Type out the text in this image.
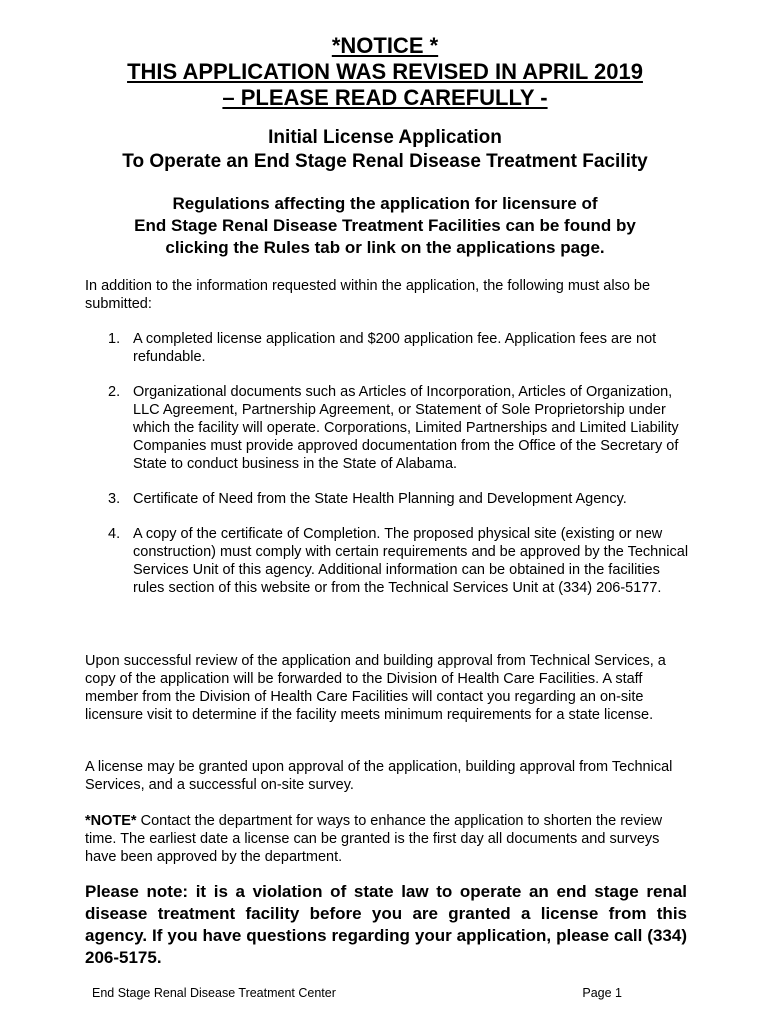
*NOTICE *
THIS APPLICATION WAS REVISED IN APRIL 2019
– PLEASE READ CAREFULLY -
Initial License Application
To Operate an End Stage Renal Disease Treatment Facility
Regulations affecting the application for licensure of
End Stage Renal Disease Treatment Facilities can be found by
clicking the Rules tab or link on the applications page.
In addition to the information requested within the application, the following must also be submitted:
1. A completed license application and $200 application fee. Application fees are not refundable.
2. Organizational documents such as Articles of Incorporation, Articles of Organization, LLC Agreement, Partnership Agreement, or Statement of Sole Proprietorship under which the facility will operate. Corporations, Limited Partnerships and Limited Liability Companies must provide approved documentation from the Office of the Secretary of State to conduct business in the State of Alabama.
3. Certificate of Need from the State Health Planning and Development Agency.
4. A copy of the certificate of Completion. The proposed physical site (existing or new construction) must comply with certain requirements and be approved by the Technical Services Unit of this agency. Additional information can be obtained in the facilities rules section of this website or from the Technical Services Unit at (334) 206-5177.
Upon successful review of the application and building approval from Technical Services, a copy of the application will be forwarded to the Division of Health Care Facilities. A staff member from the Division of Health Care Facilities will contact you regarding an on-site licensure visit to determine if the facility meets minimum requirements for a state license.
A license may be granted upon approval of the application, building approval from Technical Services, and a successful on-site survey.
*NOTE* Contact the department for ways to enhance the application to shorten the review time. The earliest date a license can be granted is the first day all documents and surveys have been approved by the department.
Please note: it is a violation of state law to operate an end stage renal disease treatment facility before you are granted a license from this agency. If you have questions regarding your application, please call (334) 206-5175.
End Stage Renal Disease Treatment Center	Page 1
